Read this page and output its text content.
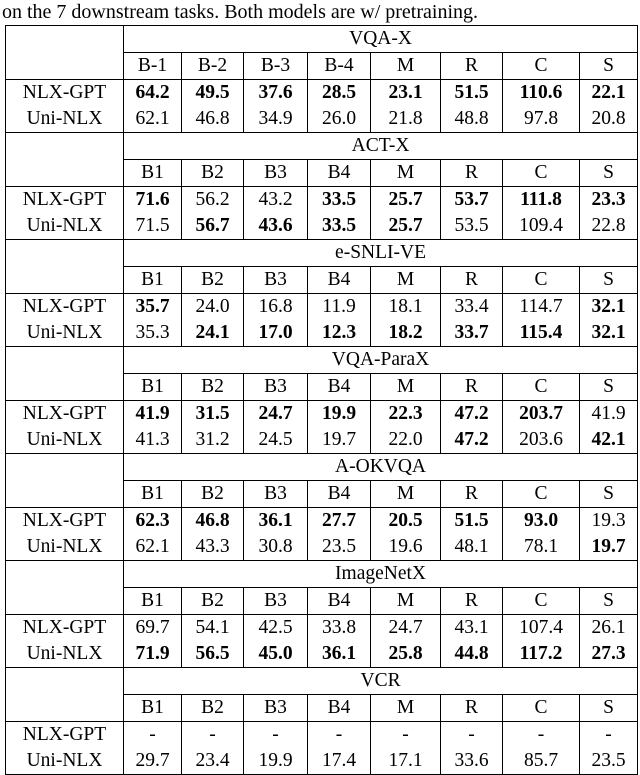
on the 7 downstream tasks. Both models are w/ pretraining.
	VQA-X							
	B-1	B-2	B-3	B-4	M	R	C	S
NLX-GPT	64.2	49.5	37.6	28.5	23.1	51.5	110.6	22.1
Uni-NLX	62.1	46.8	34.9	26.0	21.8	48.8	97.8	20.8
	ACT-X							
	B1	B2	B3	B4	M	R	C	S
NLX-GPT	71.6	56.2	43.2	33.5	25.7	53.7	111.8	23.3
Uni-NLX	71.5	56.7	43.6	33.5	25.7	53.5	109.4	22.8
	e-SNLI-VE							
	B1	B2	B3	B4	M	R	C	S
NLX-GPT	35.7	24.0	16.8	11.9	18.1	33.4	114.7	32.1
Uni-NLX	35.3	24.1	17.0	12.3	18.2	33.7	115.4	32.1
	VQA-ParaX							
	B1	B2	B3	B4	M	R	C	S
NLX-GPT	41.9	31.5	24.7	19.9	22.3	47.2	203.7	41.9
Uni-NLX	41.3	31.2	24.5	19.7	22.0	47.2	203.6	42.1
	A-OKVQA							
	B1	B2	B3	B4	M	R	C	S
NLX-GPT	62.3	46.8	36.1	27.7	20.5	51.5	93.0	19.3
Uni-NLX	62.1	43.3	30.8	23.5	19.6	48.1	78.1	19.7
	ImageNetX							
	B1	B2	B3	B4	M	R	C	S
NLX-GPT	69.7	54.1	42.5	33.8	24.7	43.1	107.4	26.1
Uni-NLX	71.9	56.5	45.0	36.1	25.8	44.8	117.2	27.3
	VCR							
	B1	B2	B3	B4	M	R	C	S
NLX-GPT	-	-	-	-	-	-	-	-
Uni-NLX	29.7	23.4	19.9	17.4	17.1	33.6	85.7	23.5
